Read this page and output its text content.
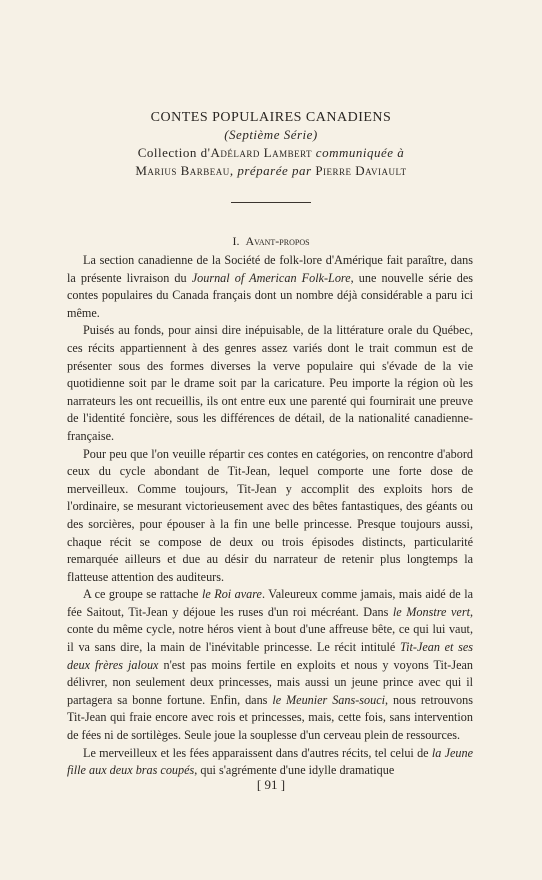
CONTES POPULAIRES CANADIENS
(Septième Série)
Collection d'Adélard Lambert communiquée à
Marius Barbeau, préparée par Pierre Daviault
I. Avant-propos

La section canadienne de la Société de folk-lore d'Amérique fait paraître, dans la présente livraison du Journal of American Folk-Lore, une nouvelle série des contes populaires du Canada français dont un nombre déjà considérable a paru ici même.

Puisés au fonds, pour ainsi dire inépuisable, de la littérature orale du Québec, ces récits appartiennent à des genres assez variés dont le trait commun est de présenter sous des formes diverses la verve populaire qui s'évade de la vie quotidienne soit par le drame soit par la caricature. Peu importe la région où les narrateurs les ont recueillis, ils ont entre eux une parenté qui fournirait une preuve de l'identité foncière, sous les différences de détail, de la nationalité canadienne-française.

Pour peu que l'on veuille répartir ces contes en catégories, on rencontre d'abord ceux du cycle abondant de Tit-Jean, lequel comporte une forte dose de merveilleux. Comme toujours, Tit-Jean y accomplit des exploits hors de l'ordinaire, se mesurant victorieusement avec des bêtes fantastiques, des géants ou des sorcières, pour épouser à la fin une belle princesse. Presque toujours aussi, chaque récit se compose de deux ou trois épisodes distincts, particularité remarquée ailleurs et due au désir du narrateur de retenir plus longtemps la flatteuse attention des auditeurs.

A ce groupe se rattache le Roi avare. Valeureux comme jamais, mais aidé de la fée Saitout, Tit-Jean y déjoue les ruses d'un roi mécréant. Dans le Monstre vert, conte du même cycle, notre héros vient à bout d'une affreuse bête, ce qui lui vaut, il va sans dire, la main de l'inévitable princesse. Le récit intitulé Tit-Jean et ses deux frères jaloux n'est pas moins fertile en exploits et nous y voyons Tit-Jean délivrer, non seulement deux princesses, mais aussi un jeune prince avec qui il partagera sa bonne fortune. Enfin, dans le Meunier Sans-souci, nous retrouvons Tit-Jean qui fraie encore avec rois et princesses, mais, cette fois, sans intervention de fées ni de sortilèges. Seule joue la souplesse d'un cerveau plein de ressources.

Le merveilleux et les fées apparaissent dans d'autres récits, tel celui de la Jeune fille aux deux bras coupés, qui s'agrémente d'une idylle dramatique

[ 91 ]
